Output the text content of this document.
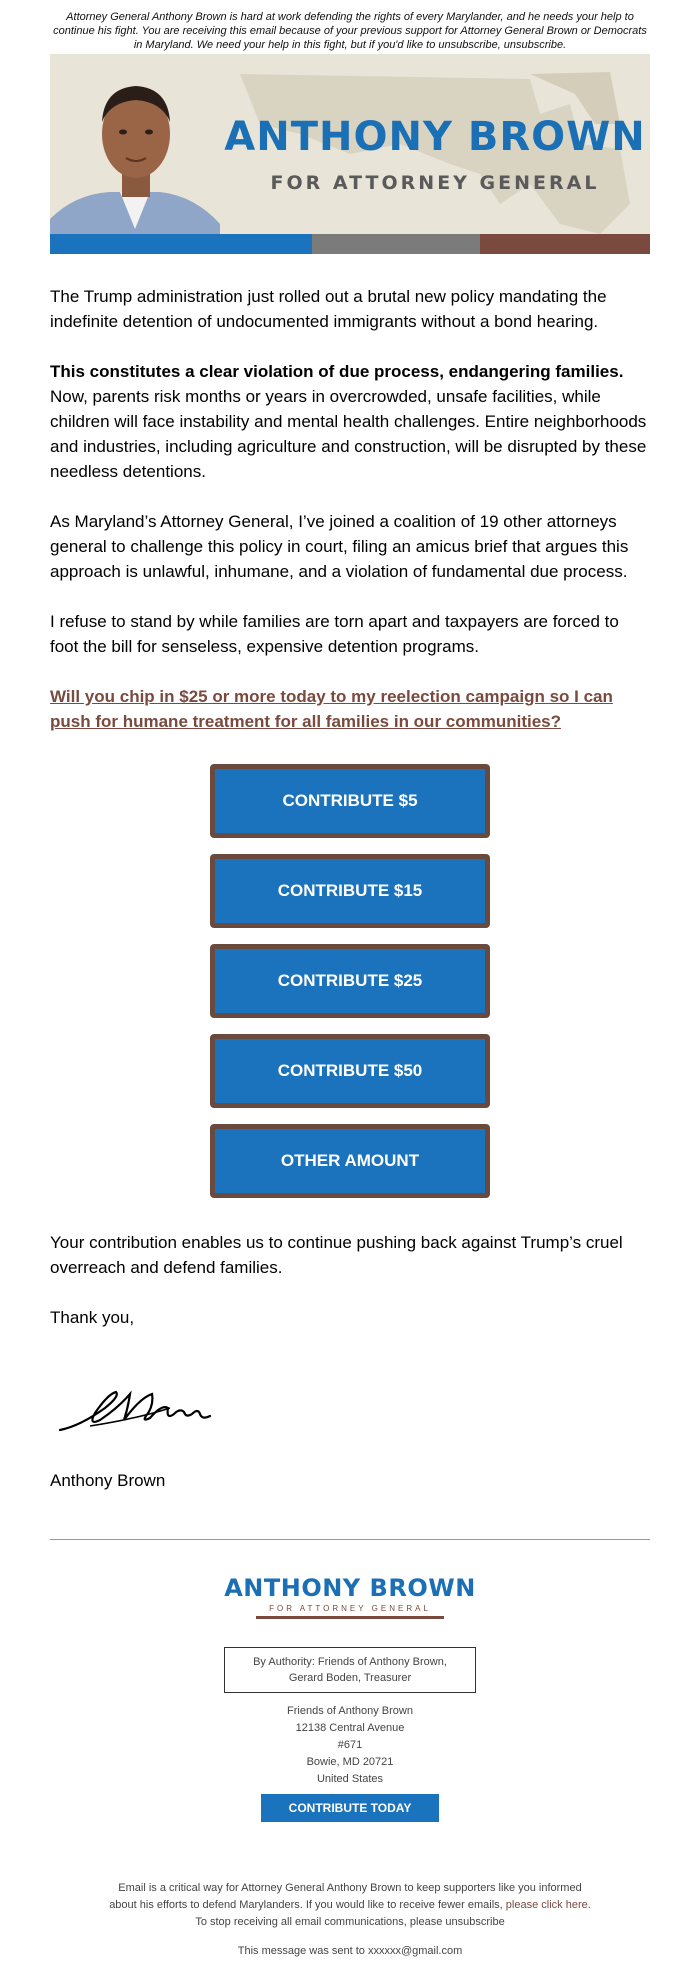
Attorney General Anthony Brown is hard at work defending the rights of every Marylander, and he needs your help to continue his fight. You are receiving this email because of your previous support for Attorney General Brown or Democrats in Maryland. We need your help in this fight, but if you'd like to unsubscribe, unsubscribe.
ANTHONY BROWN
FOR ATTORNEY GENERAL

The Trump administration just rolled out a brutal new policy mandating the indefinite detention of undocumented immigrants without a bond hearing.

This constitutes a clear violation of due process, endangering families. Now, parents risk months or years in overcrowded, unsafe facilities, while children will face instability and mental health challenges. Entire neighborhoods and industries, including agriculture and construction, will be disrupted by these needless detentions.

As Maryland’s Attorney General, I’ve joined a coalition of 19 other attorneys general to challenge this policy in court, filing an amicus brief that argues this approach is unlawful, inhumane, and a violation of fundamental due process.

I refuse to stand by while families are torn apart and taxpayers are forced to foot the bill for senseless, expensive detention programs.

Will you chip in $25 or more today to my reelection campaign so I can push for humane treatment for all families in our communities?
CONTRIBUTE $5
CONTRIBUTE $15
CONTRIBUTE $25
CONTRIBUTE $50
OTHER AMOUNT

Your contribution enables us to continue pushing back against Trump’s cruel overreach and defend families.

Thank you,

Anthony Brown
ANTHONY BROWN
FOR ATTORNEY GENERAL
By Authority: Friends of Anthony Brown,
Gerard Boden, Treasurer
Friends of Anthony Brown
12138 Central Avenue
#671
Bowie, MD 20721
United States
CONTRIBUTE TODAY
Email is a critical way for Attorney General Anthony Brown to keep supporters like you informed
about his efforts to defend Marylanders. If you would like to receive fewer emails, please click here.
To stop receiving all email communications, please unsubscribe
This message was sent to xxxxxx@gmail.com
